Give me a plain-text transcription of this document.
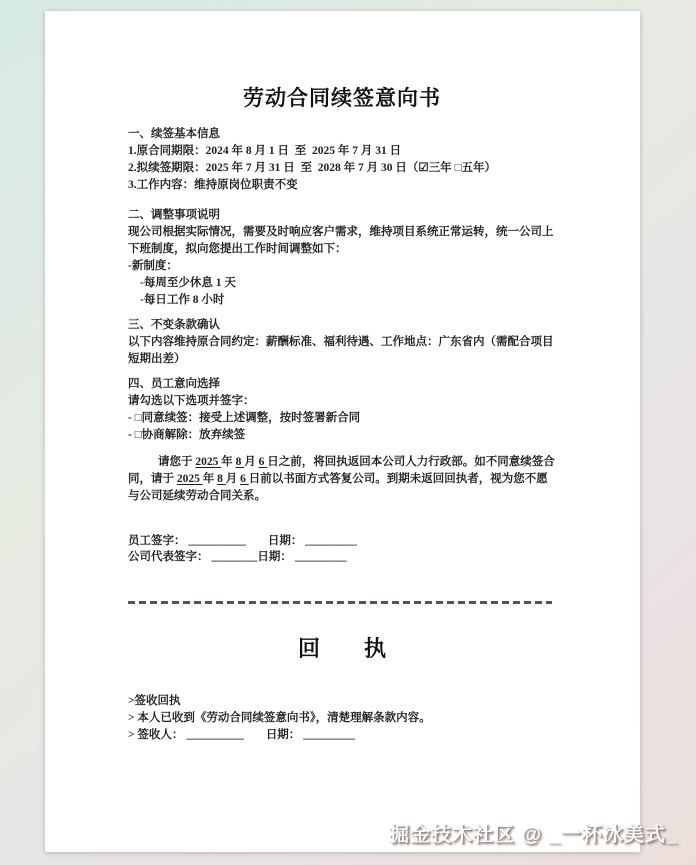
劳动合同续签意向书
一、续签基本信息
1.原合同期限：2024 年 8 月 1 日  至  2025 年 7 月 31 日
2.拟续签期限：2025 年 7 月 31 日  至  2028 年 7 月 30 日（☑三年 □五年）
3.工作内容：维持原岗位职责不变
二、调整事项说明
现公司根据实际情况，需要及时响应客户需求，维持项目系统正常运转，统一公司上下班制度，拟向您提出工作时间调整如下：
-新制度：
-每周至少休息 1 天
-每日工作 8 小时
三、不变条款确认
以下内容维持原合同约定：薪酬标准、福利待遇、工作地点：广东省内（需配合项目短期出差）
四、员工意向选择
请勾选以下选项并签字：
- □同意续签：接受上述调整，按时签署新合同
- □协商解除：放弃续签
请您于 2025 年 8 月 6 日之前，将回执返回本公司人力行政部。如不同意续签合同，请于 2025 年 8 月 6 日前以书面方式答复公司。到期未返回回执者，视为您不愿与公司延续劳动合同关系。
员工签字： __________ 日期： _________
公司代表签字： ________日期： _________
回　　执
>签收回执
> 本人已收到《劳动合同续签意向书》，清楚理解条款内容。
> 签收人： __________ 日期： _________
掘金技术社区 @ _一杯冰美式_
